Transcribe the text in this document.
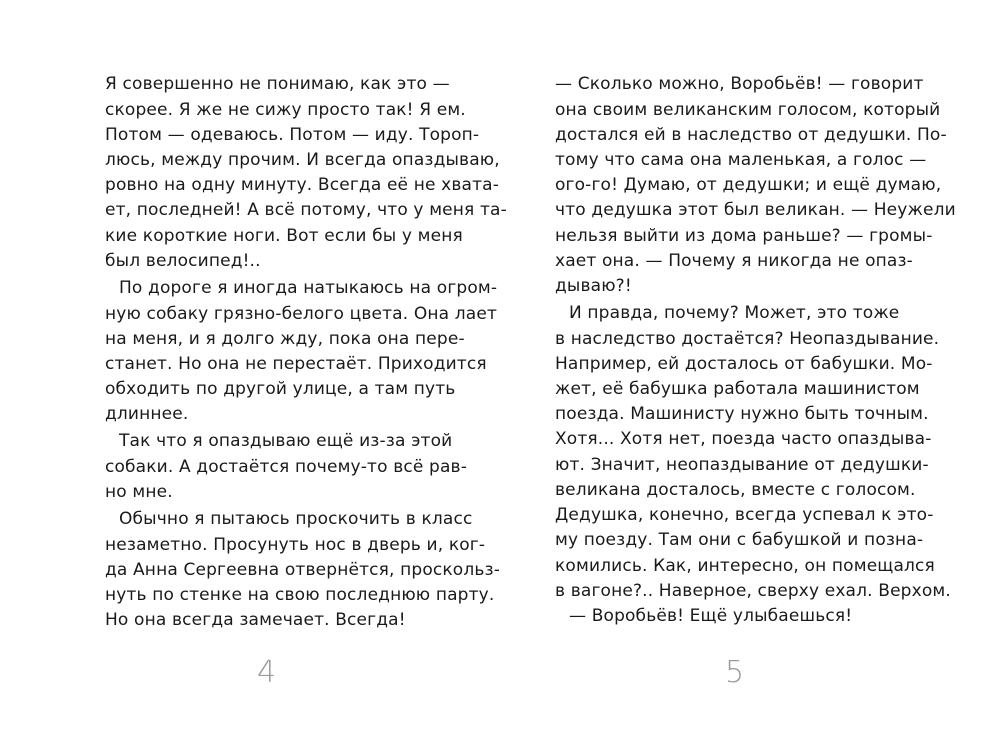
Я совершенно не понимаю, как это —
скорее. Я же не сижу просто так! Я ем.
Потом — одеваюсь. Потом — иду. Тороп-
люсь, между прочим. И всегда опаздываю,
ровно на одну минуту. Всегда её не хвата-
ет, последней! А всё потому, что у меня та-
кие короткие ноги. Вот если бы у меня
был велосипед!..
По дороге я иногда натыкаюсь на огром-
ную собаку грязно-белого цвета. Она лает
на меня, и я долго жду, пока она пере-
станет. Но она не перестаёт. Приходится
обходить по другой улице, а там путь
длиннее.
Так что я опаздываю ещё из-за этой
собаки. А достаётся почему-то всё рав-
но мне.
Обычно я пытаюсь проскочить в класс
незаметно. Просунуть нос в дверь и, ког-
да Анна Сергеевна отвернётся, проскольз-
нуть по стенке на свою последнюю парту.
Но она всегда замечает. Всегда!
4
— Сколько можно, Воробьёв! — говорит
она своим великанским голосом, который
достался ей в наследство от дедушки. По-
тому что сама она маленькая, а голос —
ого-го! Думаю, от дедушки; и ещё думаю,
что дедушка этот был великан. — Неужели
нельзя выйти из дома раньше? — громы-
хает она. — Почему я никогда не опаз-
дываю?!
И правда, почему? Может, это тоже
в наследство достаётся? Неопаздывание.
Например, ей досталось от бабушки. Мо-
жет, её бабушка работала машинистом
поезда. Машинисту нужно быть точным.
Хотя... Хотя нет, поезда часто опаздыва-
ют. Значит, неопаздывание от дедушки-
великана досталось, вместе с голосом.
Дедушка, конечно, всегда успевал к это-
му поезду. Там они с бабушкой и позна-
комились. Как, интересно, он помещался
в вагоне?.. Наверное, сверху ехал. Верхом.
— Воробьёв! Ещё улыбаешься!
5
